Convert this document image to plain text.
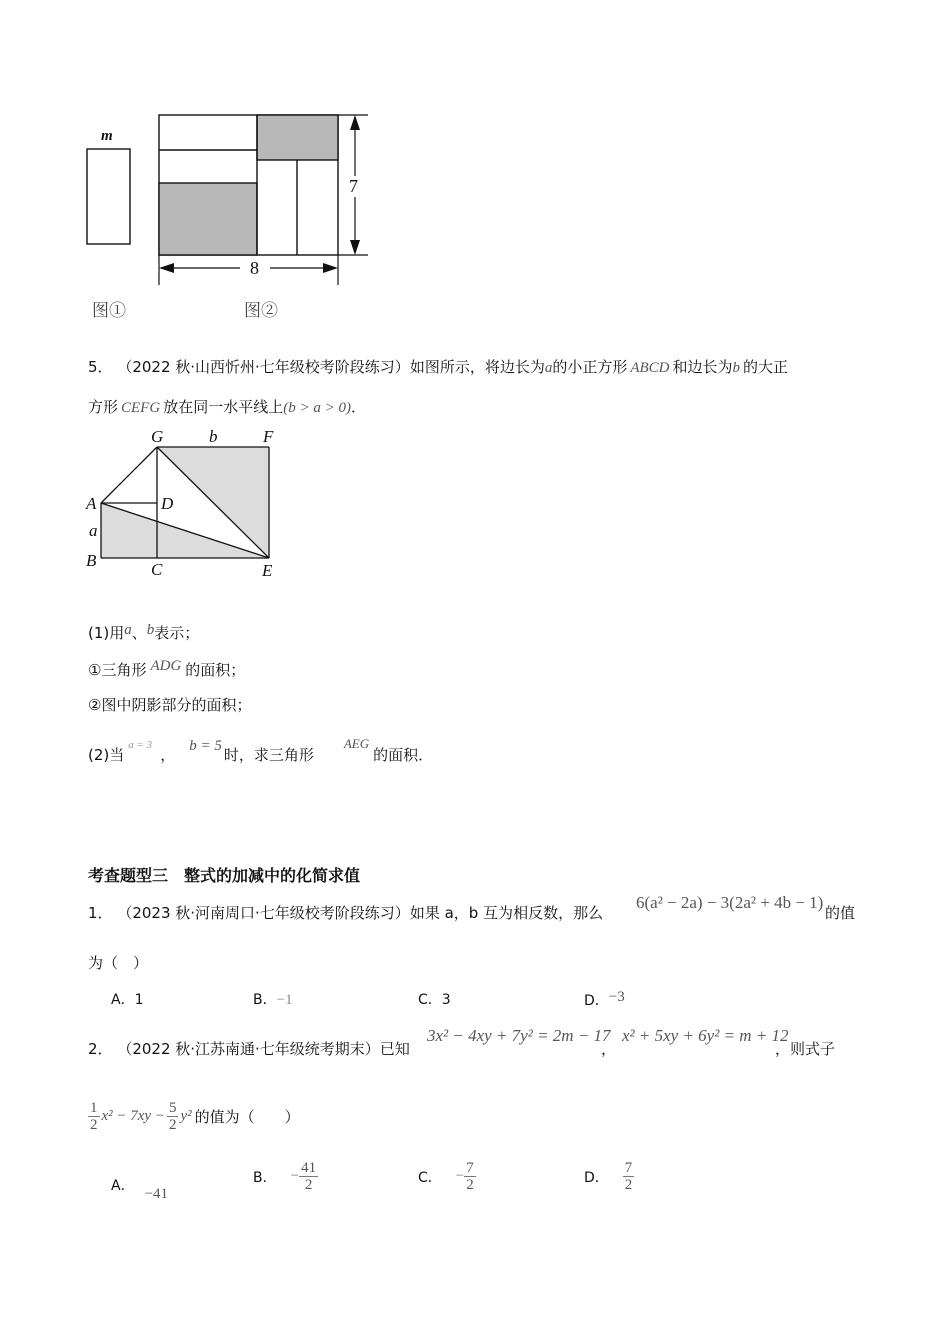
m
7
8
图①	图②
5． （2022 秋·山西忻州·七年级校考阶段练习）如图所示，将边长为a的小正方形 ABCD 和边长为b 的大正
方形 CEFG 放在同一水平线上(b > a > 0)．
G	b	F
A	D
a
B	C	E
(1)用a、b表示；
①三角形 ADG 的面积；
②图中阴影部分的面积；
(2)当$^{a = 3}$， b = 5 时，求三角形AEG的面积．
考查题型三　整式的加减中的化简求值
1． （2023 秋·河南周口·七年级校考阶段练习）如果 a，b 互为相反数，那么
6(a² − 2a) − 3(2a² + 4b − 1)
的值
为（　）
A．1	B．−1	C．3	D．−3
2． （2022 秋·江苏南通·七年级统考期末）已知
3x² − 4xy + 7y² = 2m − 17
，
x² + 5xy + 6y² = m + 12
，则式子
$\frac{1}{2} x^2 - 7xy - \frac{5}{2} y^2$ 的值为（　　）
A． −41
B． − $\frac{41}{2}$	C． − $\frac{7}{2}$	D． $\frac{7}{2}$
